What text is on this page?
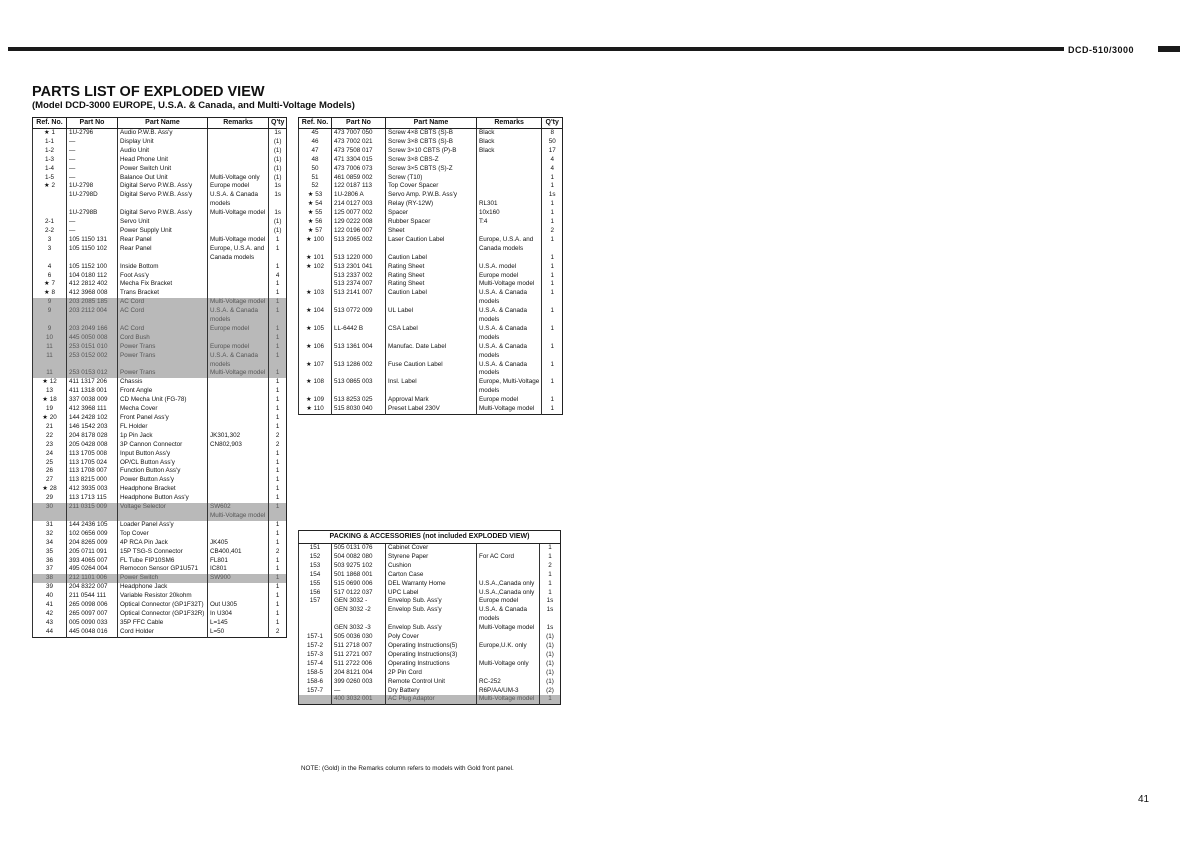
DCD-510/3000
PARTS LIST OF EXPLODED VIEW
(Model DCD-3000 EUROPE, U.S.A. & Canada, and Multi-Voltage Models)
Ref. No.	Part No	Part Name	Remarks	Q'ty
★ 1	1U-2796	Audio P.W.B. Ass'y		1s
1-1	—	Display Unit		(1)
1-2	—	Audio Unit		(1)
1-3	—	Head Phone Unit		(1)
1-4	—	Power Switch Unit		(1)
1-5	—	Balance Out Unit	Multi-Voltage only	(1)
★ 2	1U-2798	Digital Servo P.W.B. Ass'y	Europe model	1s
	1U-2798D	Digital Servo P.W.B. Ass'y	U.S.A. & Canada	1s
			models	
	1U-2798B	Digital Servo P.W.B. Ass'y	Multi-Voltage model	1s
2-1	—	Servo Unit		(1)
2-2	—	Power Supply Unit		(1)
3	105 1150 131	Rear Panel	Multi-Voltage model	1
3	105 1150 102	Rear Panel	Europe, U.S.A. and	1
			Canada models	
4	105 1152 100	Inside Bottom		1
6	104 0180 112	Foot Ass'y		4
★ 7	412 2812 402	Mecha Fix Bracket		1
★ 8	412 3968 008	Trans Bracket		1
9	203 2085 185	AC Cord	Multi-Voltage model	1
9	203 2112 004	AC Cord	U.S.A. & Canada	1
			models	
9	203 2049 166	AC Cord	Europe model	1
10	445 0050 008	Cord Bush		1
11	253 0151 010	Power Trans	Europe model	1
11	253 0152 002	Power Trans	U.S.A. & Canada	1
			models	
11	253 0153 012	Power Trans	Multi-Voltage model	1
★ 12	411 1317 206	Chassis		1
13	411 1318 001	Front Angle		1
★ 18	337 0038 009	CD Mecha Unit (FG-78)		1
19	412 3968 111	Mecha Cover		1
★ 20	144 2428 102	Front Panel Ass'y		1
21	146 1542 203	FL Holder		1
22	204 8178 028	1p Pin Jack	JK301,302	2
23	205 0428 008	3P Cannon Connector	CN802,903	2
24	113 1705 008	Input Button Ass'y		1
25	113 1705 024	OP/CL Button Ass'y		1
26	113 1708 007	Function Button Ass'y		1
27	113 8215 000	Power Button Ass'y		1
★ 28	412 3935 003	Headphone Bracket		1
29	113 1713 115	Headphone Button Ass'y		1
30	211 0315 009	Voltage Selector	SW602	1
			Multi-Voltage model	
31	144 2436 105	Loader Panel Ass'y		1
32	102 0656 009	Top Cover		1
34	204 8265 009	4P RCA Pin Jack	JK405	1
35	205 0711 091	15P TSG-S Connector	CB400,401	2
36	393 4065 007	FL Tube FIP10SM6	FL801	1
37	495 0264 004	Remocon Sensor GP1U571	IC801	1
38	212 1101 006	Power Switch	SW900	1
39	204 8322 007	Headphone Jack		1
40	211 0544 111	Variable Resistor 20kohm		1
41	265 0098 006	Optical Connector (GP1F32T)	Out U305	1
42	265 0097 007	Optical Connector (GP1F32R)	In U304	1
43	005 0090 033	35P FFC Cable	L=145	1
44	445 0048 016	Cord Holder	L=50	2
Ref. No.	Part No	Part Name	Remarks	Q'ty
45	473 7007 050	Screw 4×8 CBTS (S)-B	Black	8
46	473 7002 021	Screw 3×8 CBTS (S)-B	Black	50
47	473 7508 017	Screw 3×10 CBTS (P)-B	Black	17
48	471 3304 015	Screw 3×8 CBS-Z		4
50	473 7006 073	Screw 3×5 CBTS (S)-Z		4
51	461 0859 002	Screw (T10)		1
52	122 0187 113	Top Cover Spacer		1
★ 53	1U-2806 A	Servo Amp. P.W.B. Ass'y		1s
★ 54	214 0127 003	Relay (RY-12W)	RL301	1
★ 55	125 0077 002	Spacer	10x160	1
★ 56	129 0222 008	Rubber Spacer	T:4	1
★ 57	122 0196 007	Sheet		2
★ 100	513 2065 002	Laser Caution Label	Europe, U.S.A. and	1
			Canada models	
★ 101	513 1220 000	Caution Label		1
★ 102	513 2301 041	Rating Sheet	U.S.A. model	1
	513 2337 002	Rating Sheet	Europe model	1
	513 2374 007	Rating Sheet	Multi-Voltage model	1
★ 103	513 2141 007	Caution Label	U.S.A. & Canada	1
			models	
★ 104	513 0772 009	UL Label	U.S.A. & Canada	1
			models	
★ 105	LL-6442 B	CSA Label	U.S.A. & Canada	1
			models	
★ 106	513 1361 004	Manufac. Date Label	U.S.A. & Canada	1
			models	
★ 107	513 1286 002	Fuse Caution Label	U.S.A. & Canada	1
			models	
★ 108	513 0865 003	Insl. Label	Europe, Multi-Voltage	1
			models	
★ 109	513 8253 025	Approval Mark	Europe model	1
★ 110	515 8030 040	Preset Label 230V	Multi-Voltage model	1
PACKING & ACCESSORIES (not included EXPLODED VIEW)				
151	505 0131 076	Cabinet Cover		1
152	504 0082 080	Styrene Paper	For AC Cord	1
153	503 9275 102	Cushion		2
154	501 1868 001	Carton Case		1
155	515 0690 006	DEL Warranty Home	U.S.A.,Canada only	1
156	517 0122 037	UPC Label	U.S.A.,Canada only	1
157	GEN 3032 -	Envelop Sub. Ass'y	Europe model	1s
	GEN 3032 -2	Envelop Sub. Ass'y	U.S.A. & Canada	1s
			models	
	GEN 3032 -3	Envelop Sub. Ass'y	Multi-Voltage model	1s
157-1	505 0036 030	Poly Cover		(1)
157-2	511 2718 007	Operating Instructions(5)	Europe,U.K. only	(1)
157-3	511 2721 007	Operating Instructions(3)		(1)
157-4	511 2722 006	Operating Instructions	Multi-Voltage only	(1)
158-5	204 8121 004	2P Pin Cord		(1)
158-6	399 0260 003	Remote Control Unit	RC-252	(1)
157-7	—	Dry Battery	R6P/AA/UM-3	(2)
	400 3032 001	AC Plug Adaptor	Multi-Voltage model	1
NOTE: (Gold) in the Remarks column refers to models with Gold front panel.
41
